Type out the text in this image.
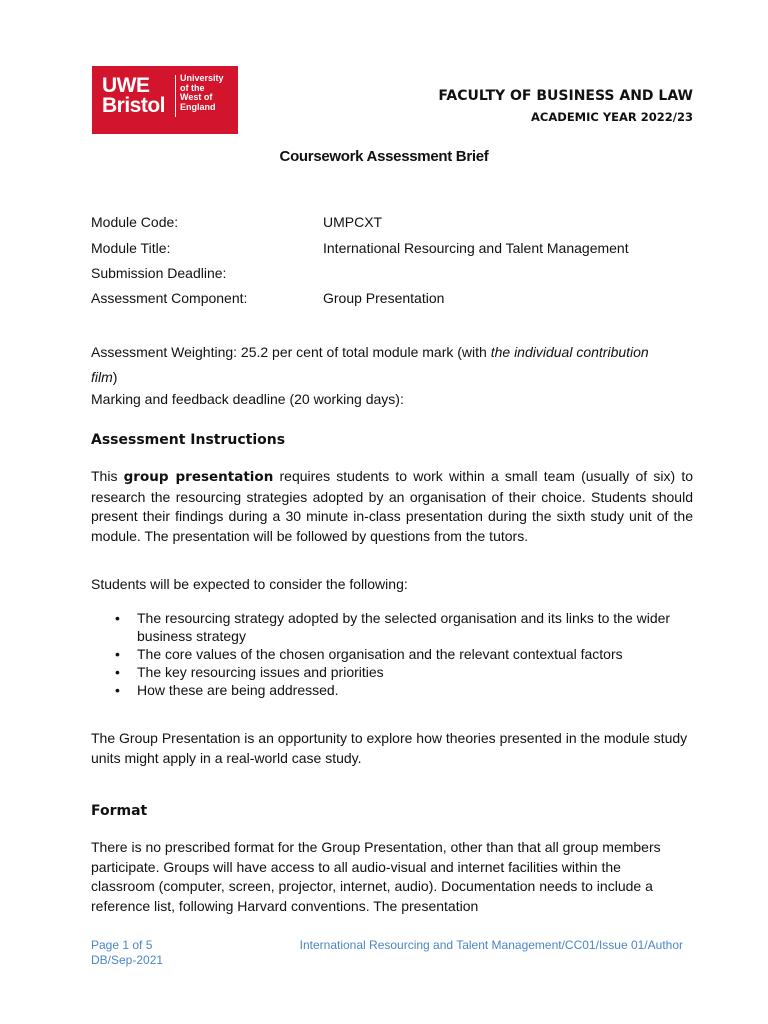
UWE
Bristol
University
of the
West of
England
FACULTY OF BUSINESS AND LAW
ACADEMIC YEAR 2022/23
Coursework Assessment Brief
Module Code:	UMPCXT
Module Title:	International Resourcing and Talent Management
Submission Deadline:
Assessment Component:	Group Presentation
Assessment Weighting: 25.2 per cent of total module mark (with the individual contribution film)
Marking and feedback deadline (20 working days):
Assessment Instructions
This group presentation requires students to work within a small team (usually of six) to research the resourcing strategies adopted by an organisation of their choice. Students should present their findings during a 30 minute in-class presentation during the sixth study unit of the module. The presentation will be followed by questions from the tutors.
Students will be expected to consider the following:
• The resourcing strategy adopted by the selected organisation and its links to the wider business strategy
• The core values of the chosen organisation and the relevant contextual factors
• The key resourcing issues and priorities
• How these are being addressed.
The Group Presentation is an opportunity to explore how theories presented in the module study units might apply in a real-world case study.
Format
There is no prescribed format for the Group Presentation, other than that all group members participate. Groups will have access to all audio-visual and internet facilities within the classroom (computer, screen, projector, internet, audio). Documentation needs to include a reference list, following Harvard conventions. The presentation
Page 1 of 5
DB/Sep-2021
International Resourcing and Talent Management/CC01/Issue 01/Author
